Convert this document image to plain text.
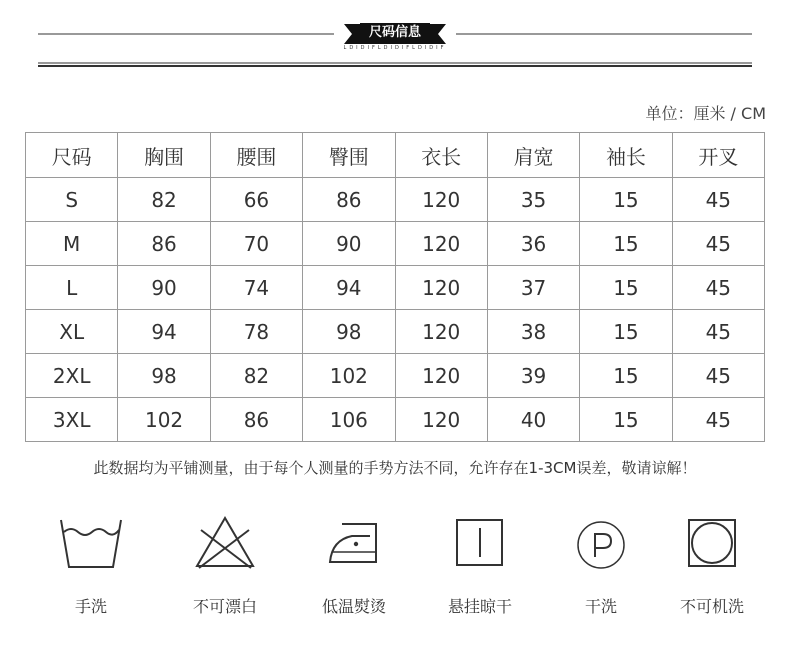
尺码信息
LDIDIFLDIDIFLDIDIF
单位：厘米 / CM
尺码	胸围	腰围	臀围	衣长	肩宽	袖长	开叉
S	82	66	86	120	35	15	45
M	86	70	90	120	36	15	45
L	90	74	94	120	37	15	45
XL	94	78	98	120	38	15	45
2XL	98	82	102	120	39	15	45
3XL	102	86	106	120	40	15	45
此数据均为平铺测量，由于每个人测量的手势方法不同，允许存在1-3CM误差，敬请谅解！
手洗	不可漂白	低温熨烫	悬挂晾干	干洗	不可机洗
